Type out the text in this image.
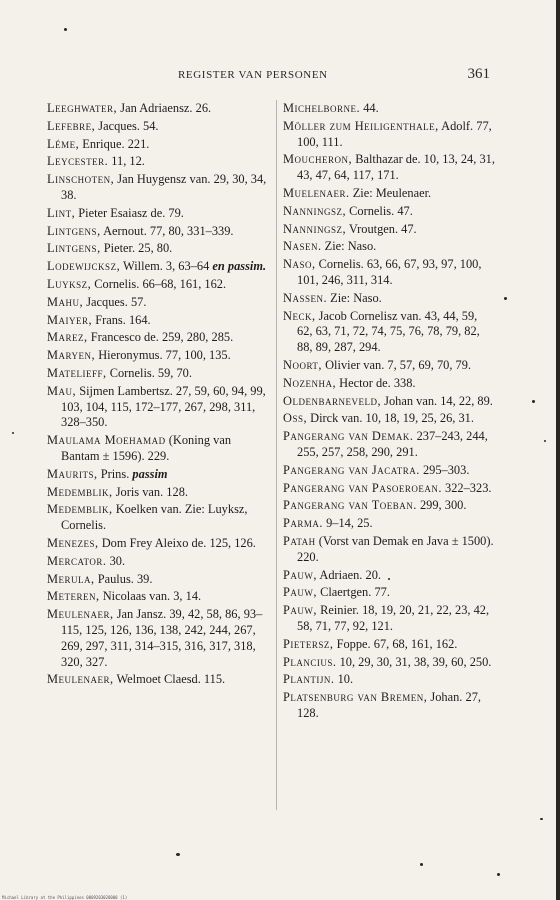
REGISTER VAN PERSONEN	361
Leeghwater, Jan Adriaensz. 26.
Lefebre, Jacques. 54.
Léme, Enrique. 221.
Leycester. 11, 12.
Linschoten, Jan Huygensz van. 29, 30, 34, 38.
Lint, Pieter Esaiasz de. 79.
Lintgens, Aernout. 77, 80, 331–339.
Lintgens, Pieter. 25, 80.
Lodewijcksz, Willem. 3, 63–64 en passim.
Luyksz, Cornelis. 66–68, 161, 162.
Mahu, Jacques. 57.
Maiyer, Frans. 164.
Marez, Francesco de. 259, 280, 285.
Maryen, Hieronymus. 77, 100, 135.
Matelieff, Cornelis. 59, 70.
Mau, Sijmen Lambertsz. 27, 59, 60, 94, 99, 103, 104, 115, 172–177, 267, 298, 311, 328–350.
Maulama Moehamad (Koning van Bantam ± 1596). 229.
Maurits, Prins. passim
Medemblik, Joris van. 128.
Medemblik, Koelken van. Zie: Luyksz, Cornelis.
Menezes, Dom Frey Aleixo de. 125, 126.
Mercator. 30.
Merula, Paulus. 39.
Meteren, Nicolaas van. 3, 14.
Meulenaer, Jan Jansz. 39, 42, 58, 86, 93–115, 125, 126, 136, 138, 242, 244, 267, 269, 297, 311, 314–315, 316, 317, 318, 320, 327.
Meulenaer, Welmoet Claesd. 115.
Michelborne. 44.
Möller zum Heiligenthale, Adolf. 77, 100, 111.
Moucheron, Balthazar de. 10, 13, 24, 31, 43, 47, 64, 117, 171.
Muelenaer. Zie: Meulenaer.
Nanningsz, Cornelis. 47.
Nanningsz, Vroutgen. 47.
Nasen. Zie: Naso.
Naso, Cornelis. 63, 66, 67, 93, 97, 100, 101, 246, 311, 314.
Nassen. Zie: Naso.
Neck, Jacob Cornelisz van. 43, 44, 59, 62, 63, 71, 72, 74, 75, 76, 78, 79, 82, 88, 89, 287, 294.
Noort, Olivier van. 7, 57, 69, 70, 79.
Nozenha, Hector de. 338.
Oldenbarneveld, Johan van. 14, 22, 89.
Oss, Dirck van. 10, 18, 19, 25, 26, 31.
Pangerang van Demak. 237–243, 244, 255, 257, 258, 290, 291.
Pangerang van Jacatra. 295–303.
Pangerang van Pasoeroean. 322–323.
Pangerang van Toeban. 299, 300.
Parma. 9–14, 25.
Patah (Vorst van Demak en Java ± 1500). 220.
Pauw, Adriaen. 20.
Pauw, Claertgen. 77.
Pauw, Reinier. 18, 19, 20, 21, 22, 23, 42, 58, 71, 77, 92, 121.
Pietersz, Foppe. 67, 68, 161, 162.
Plancius. 10, 29, 30, 31, 38, 39, 60, 250.
Plantijn. 10.
Platsenburg van Bremen, Johan. 27, 128.
Michael Library at the Philippines 0009203020000 (1)
